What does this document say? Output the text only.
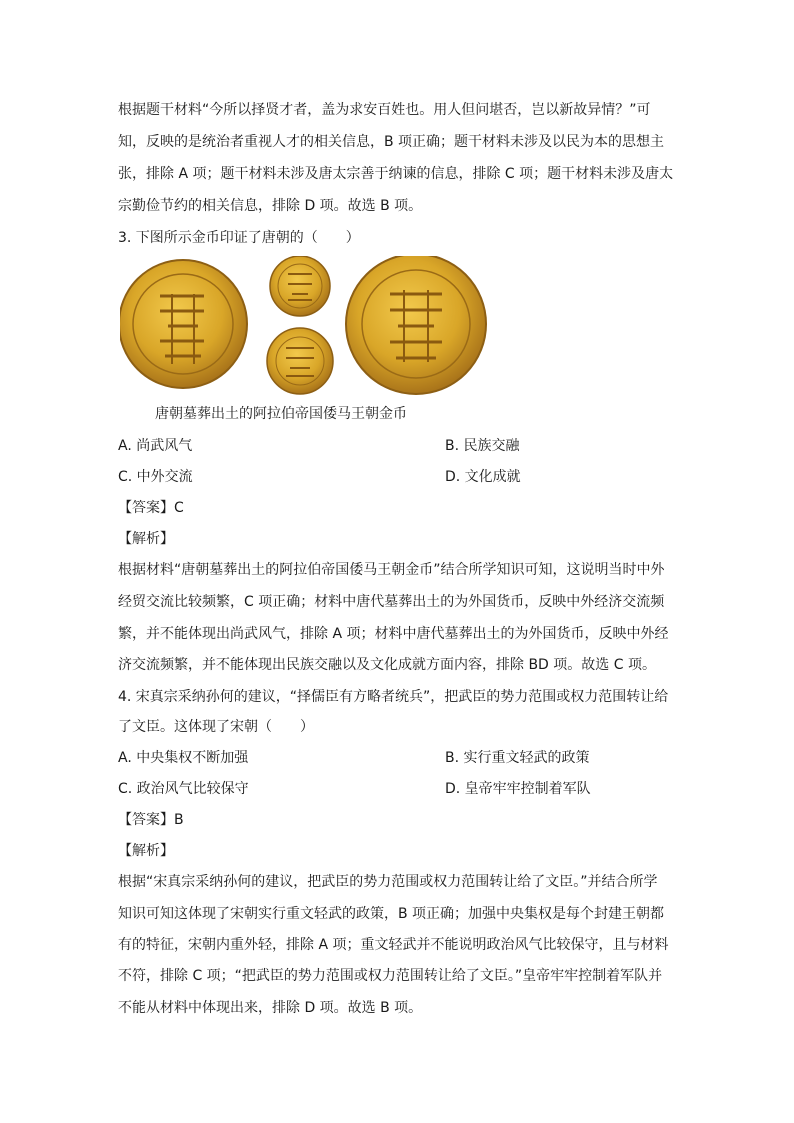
根据题干材料“今所以择贤才者，盖为求安百姓也。用人但问堪否，岂以新故异情？”可
知，反映的是统治者重视人才的相关信息，B 项正确；题干材料未涉及以民为本的思想主
张，排除 A 项；题干材料未涉及唐太宗善于纳谏的信息，排除 C 项；题干材料未涉及唐太
宗勤俭节约的相关信息，排除 D 项。故选 B 项。
3. 下图所示金币印证了唐朝的（　　）
唐朝墓葬出土的阿拉伯帝国倭马王朝金币
A. 尚武风气	B. 民族交融
C. 中外交流	D. 文化成就
【答案】C
【解析】
根据材料“唐朝墓葬出土的阿拉伯帝国倭马王朝金币”结合所学知识可知，这说明当时中外
经贸交流比较频繁，C 项正确；材料中唐代墓葬出土的为外国货币，反映中外经济交流频
繁，并不能体现出尚武风气，排除 A 项；材料中唐代墓葬出土的为外国货币，反映中外经
济交流频繁，并不能体现出民族交融以及文化成就方面内容，排除 BD 项。故选 C 项。
4. 宋真宗采纳孙何的建议，“择儒臣有方略者统兵”，把武臣的势力范围或权力范围转让给
了文臣。这体现了宋朝（　　）
A. 中央集权不断加强	B. 实行重文轻武的政策
C. 政治风气比较保守	D. 皇帝牢牢控制着军队
【答案】B
【解析】
根据“宋真宗采纳孙何的建议，把武臣的势力范围或权力范围转让给了文臣。”并结合所学
知识可知这体现了宋朝实行重文轻武的政策，B 项正确；加强中央集权是每个封建王朝都
有的特征，宋朝内重外轻，排除 A 项；重文轻武并不能说明政治风气比较保守，且与材料
不符，排除 C 项；“把武臣的势力范围或权力范围转让给了文臣。”皇帝牢牢控制着军队并
不能从材料中体现出来，排除 D 项。故选 B 项。
